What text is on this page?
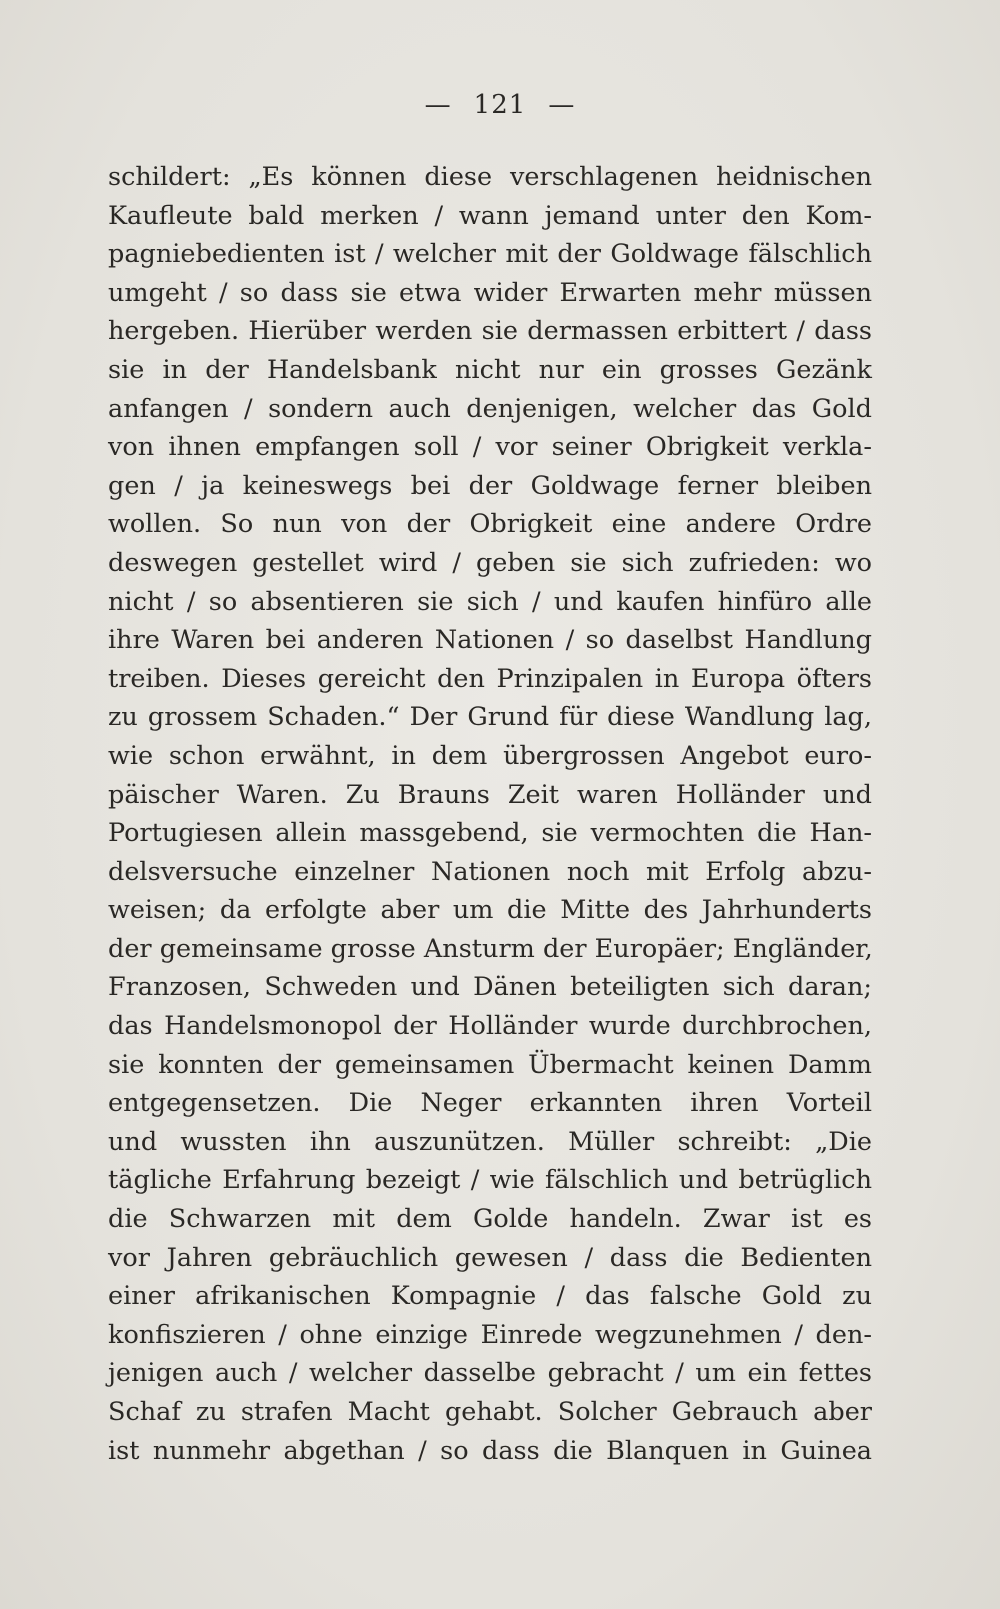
— 121 —
schildert: „Es können diese verschlagenen heidnischen
Kaufleute bald merken / wann jemand unter den Kom-
pagniebedienten ist / welcher mit der Goldwage fälschlich
umgeht / so dass sie etwa wider Erwarten mehr müssen
hergeben. Hierüber werden sie dermassen erbittert / dass
sie in der Handelsbank nicht nur ein grosses Gezänk
anfangen / sondern auch denjenigen, welcher das Gold
von ihnen empfangen soll / vor seiner Obrigkeit verkla-
gen / ja keineswegs bei der Goldwage ferner bleiben
wollen. So nun von der Obrigkeit eine andere Ordre
deswegen gestellet wird / geben sie sich zufrieden: wo
nicht / so absentieren sie sich / und kaufen hinfüro alle
ihre Waren bei anderen Nationen / so daselbst Handlung
treiben. Dieses gereicht den Prinzipalen in Europa öfters
zu grossem Schaden.“ Der Grund für diese Wandlung lag,
wie schon erwähnt, in dem übergrossen Angebot euro-
päischer Waren. Zu Brauns Zeit waren Holländer und
Portugiesen allein massgebend, sie vermochten die Han-
delsversuche einzelner Nationen noch mit Erfolg abzu-
weisen; da erfolgte aber um die Mitte des Jahrhunderts
der gemeinsame grosse Ansturm der Europäer; Engländer,
Franzosen, Schweden und Dänen beteiligten sich daran;
das Handelsmonopol der Holländer wurde durchbrochen,
sie konnten der gemeinsamen Übermacht keinen Damm
entgegensetzen. Die Neger erkannten ihren Vorteil
und wussten ihn auszunützen. Müller schreibt: „Die
tägliche Erfahrung bezeigt / wie fälschlich und betrüglich
die Schwarzen mit dem Golde handeln. Zwar ist es
vor Jahren gebräuchlich gewesen / dass die Bedienten
einer afrikanischen Kompagnie / das falsche Gold zu
konfiszieren / ohne einzige Einrede wegzunehmen / den-
jenigen auch / welcher dasselbe gebracht / um ein fettes
Schaf zu strafen Macht gehabt. Solcher Gebrauch aber
ist nunmehr abgethan / so dass die Blanquen in Guinea
